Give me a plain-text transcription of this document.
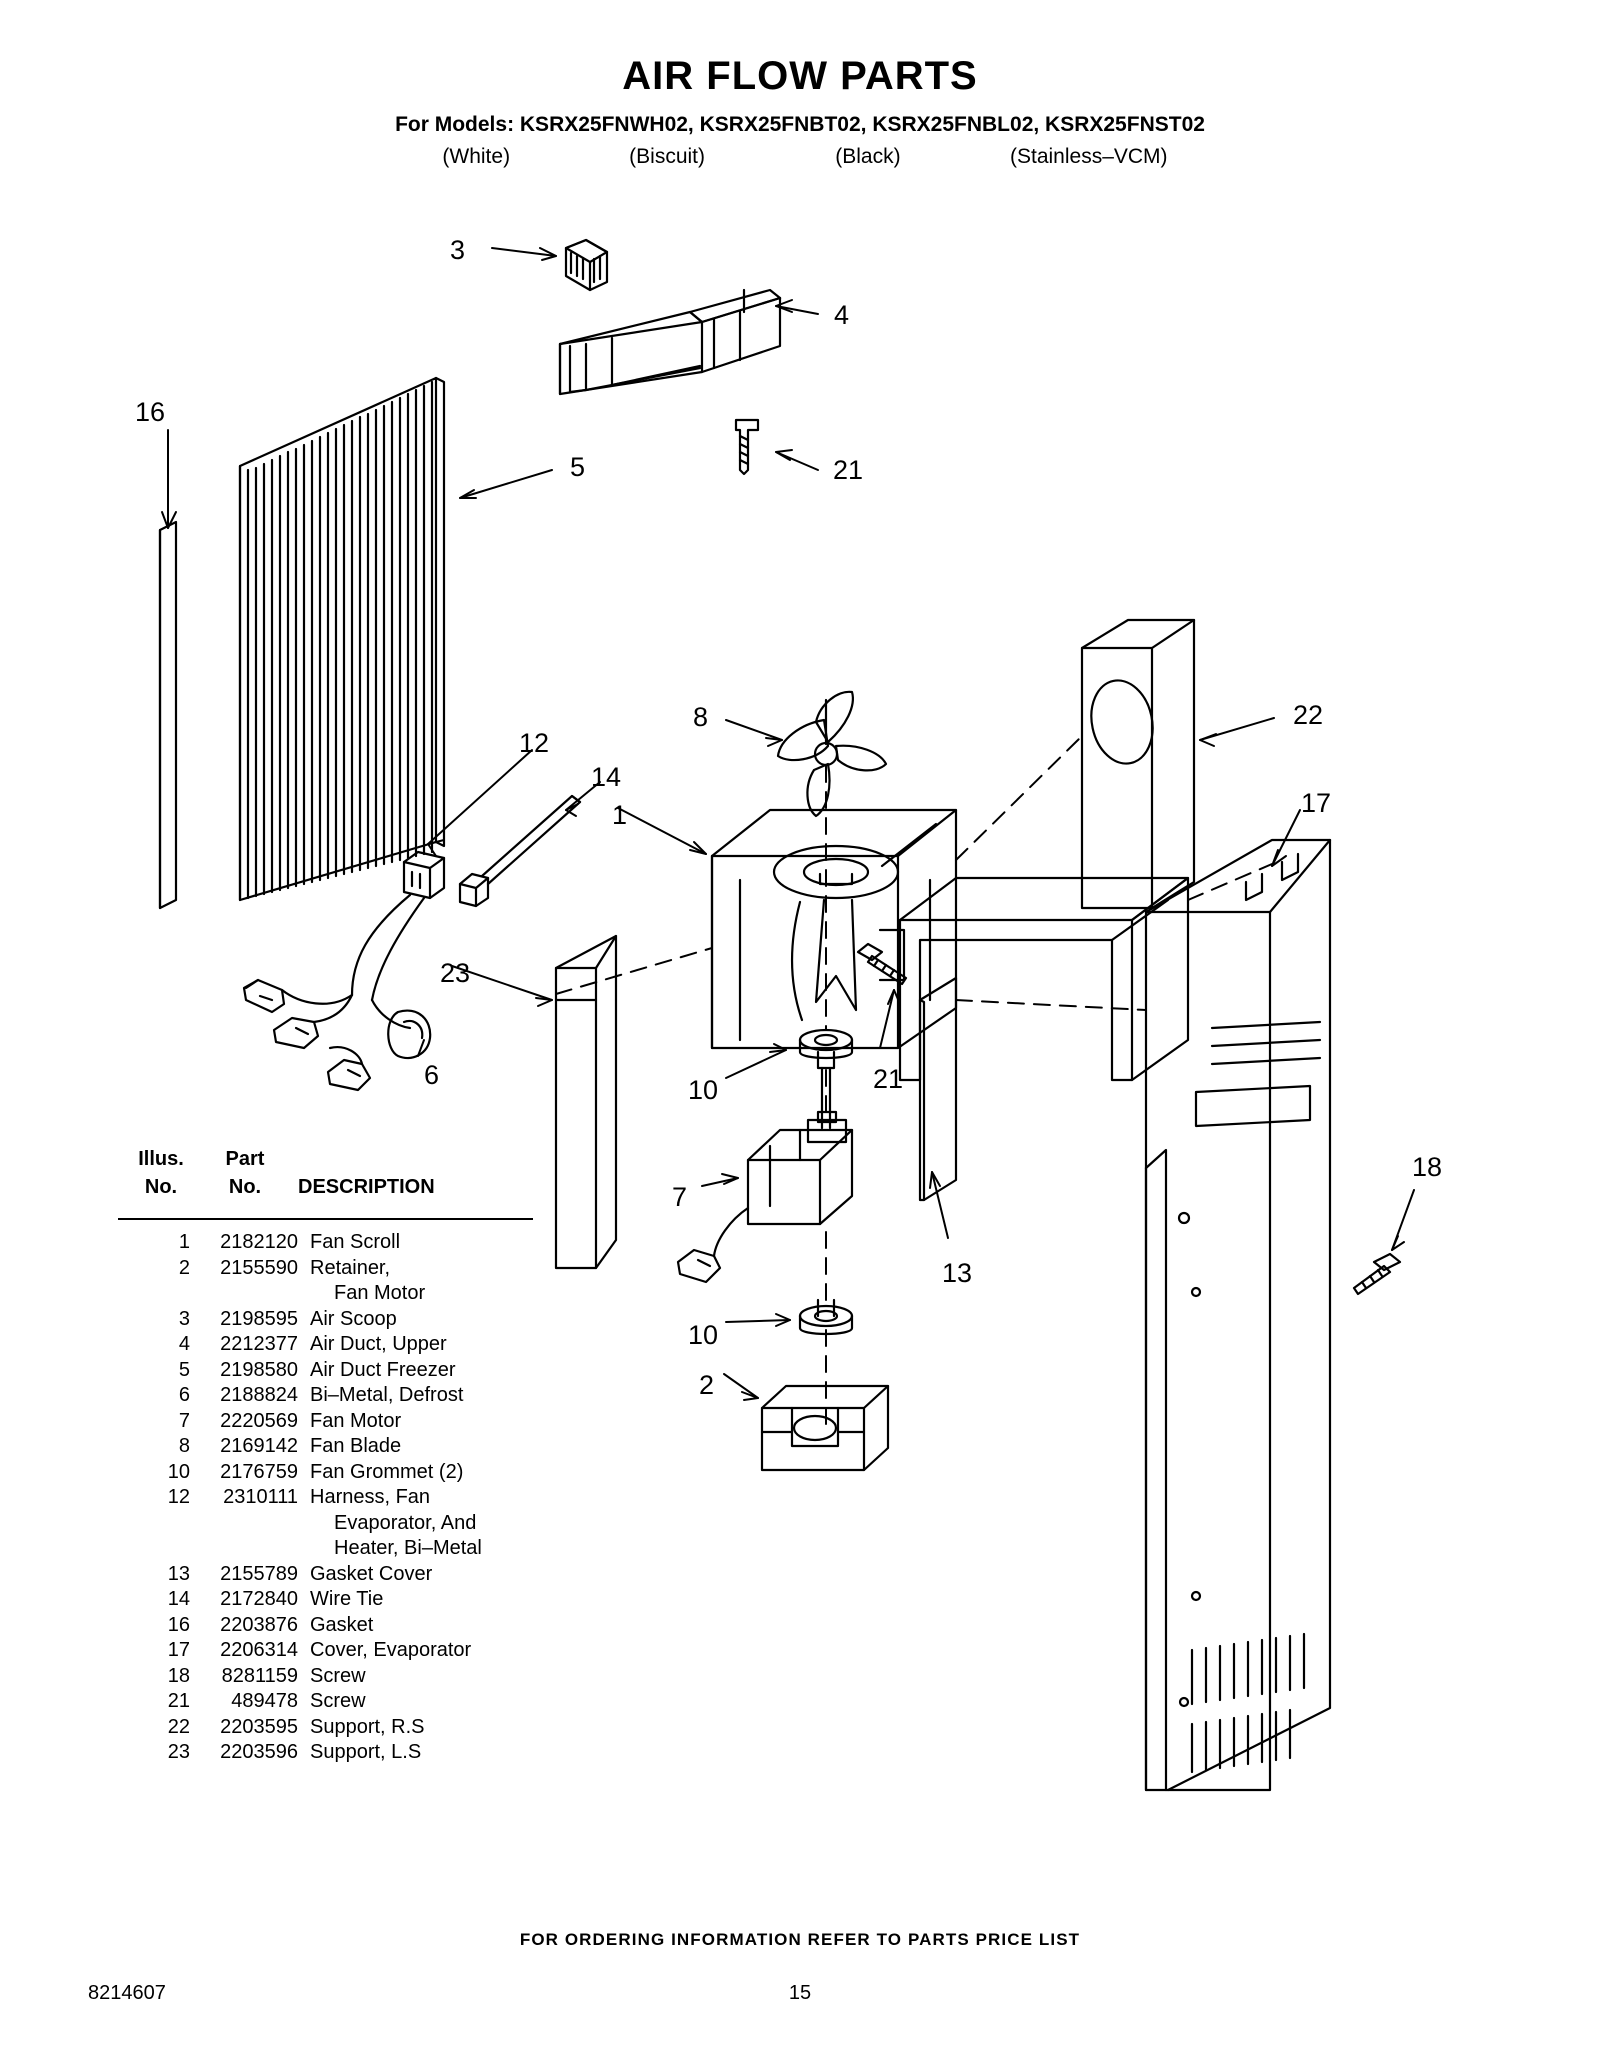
AIR FLOW PARTS
For Models: KSRX25FNWH02, KSRX25FNBT02, KSRX25FNBL02, KSRX25FNST02
(White)	(Biscuit)	(Black)	(Stainless–VCM)
3
4
21
16
5
8	22
17
12
14
1
23
6	10	21
7
13
18
10
2
Illus.
No.
Part
No.	DESCRIPTION
1	2182120 Fan Scroll
2	2155590 Retainer,
Fan Motor
3	2198595 Air Scoop
4	2212377 Air Duct, Upper
5	2198580 Air Duct Freezer
6	2188824 Bi–Metal, Defrost
7	2220569 Fan Motor
8	2169142 Fan Blade
10	2176759 Fan Grommet (2)
12	2310111 Harness, Fan
Evaporator, And
Heater, Bi–Metal
13	2155789 Gasket Cover
14	2172840 Wire Tie
16	2203876 Gasket
17	2206314 Cover, Evaporator
18	8281159 Screw
21	489478 Screw
22	2203595 Support, R.S
23	2203596 Support, L.S
FOR ORDERING INFORMATION REFER TO PARTS PRICE LIST
8214607	15
